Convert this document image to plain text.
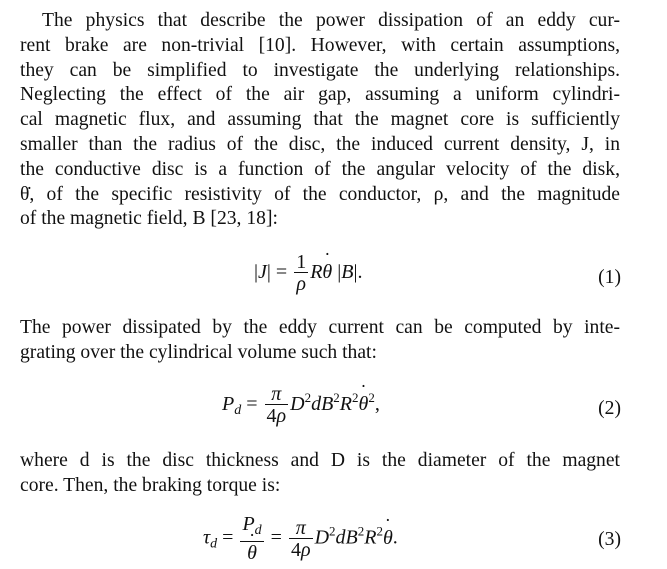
The physics that describe the power dissipation of an eddy cur-
rent brake are non-trivial [10]. However, with certain assumptions,
they can be simplified to investigate the underlying relationships.
Neglecting the effect of the air gap, assuming a uniform cylindri-
cal magnetic flux, and assuming that the magnet core is sufficiently
smaller than the radius of the disc, the induced current density, J, in
the conductive disc is a function of the angular velocity of the disk,
θ̇, of the specific resistivity of the conductor, ρ, and the magnitude
of the magnetic field, B [23, 18]:
$|J| = \frac{1}{\rho}$ Rθ ˙ |B|.	(1)
The power dissipated by the eddy current can be computed by inte-
grating over the cylindrical volume such that:
$P_d = \frac{\pi}{4\rho} D^2dB^2R^2\theta$ ˙$^2$,	(2)
where d is the disc thickness and D is the diameter of the magnet
core. Then, the braking torque is:
$\tau_d = \frac{P_d}{\theta}$ ˙ = $\frac{\pi}{4\rho} D^2dB^2R^2\theta$ ˙.	(3)
